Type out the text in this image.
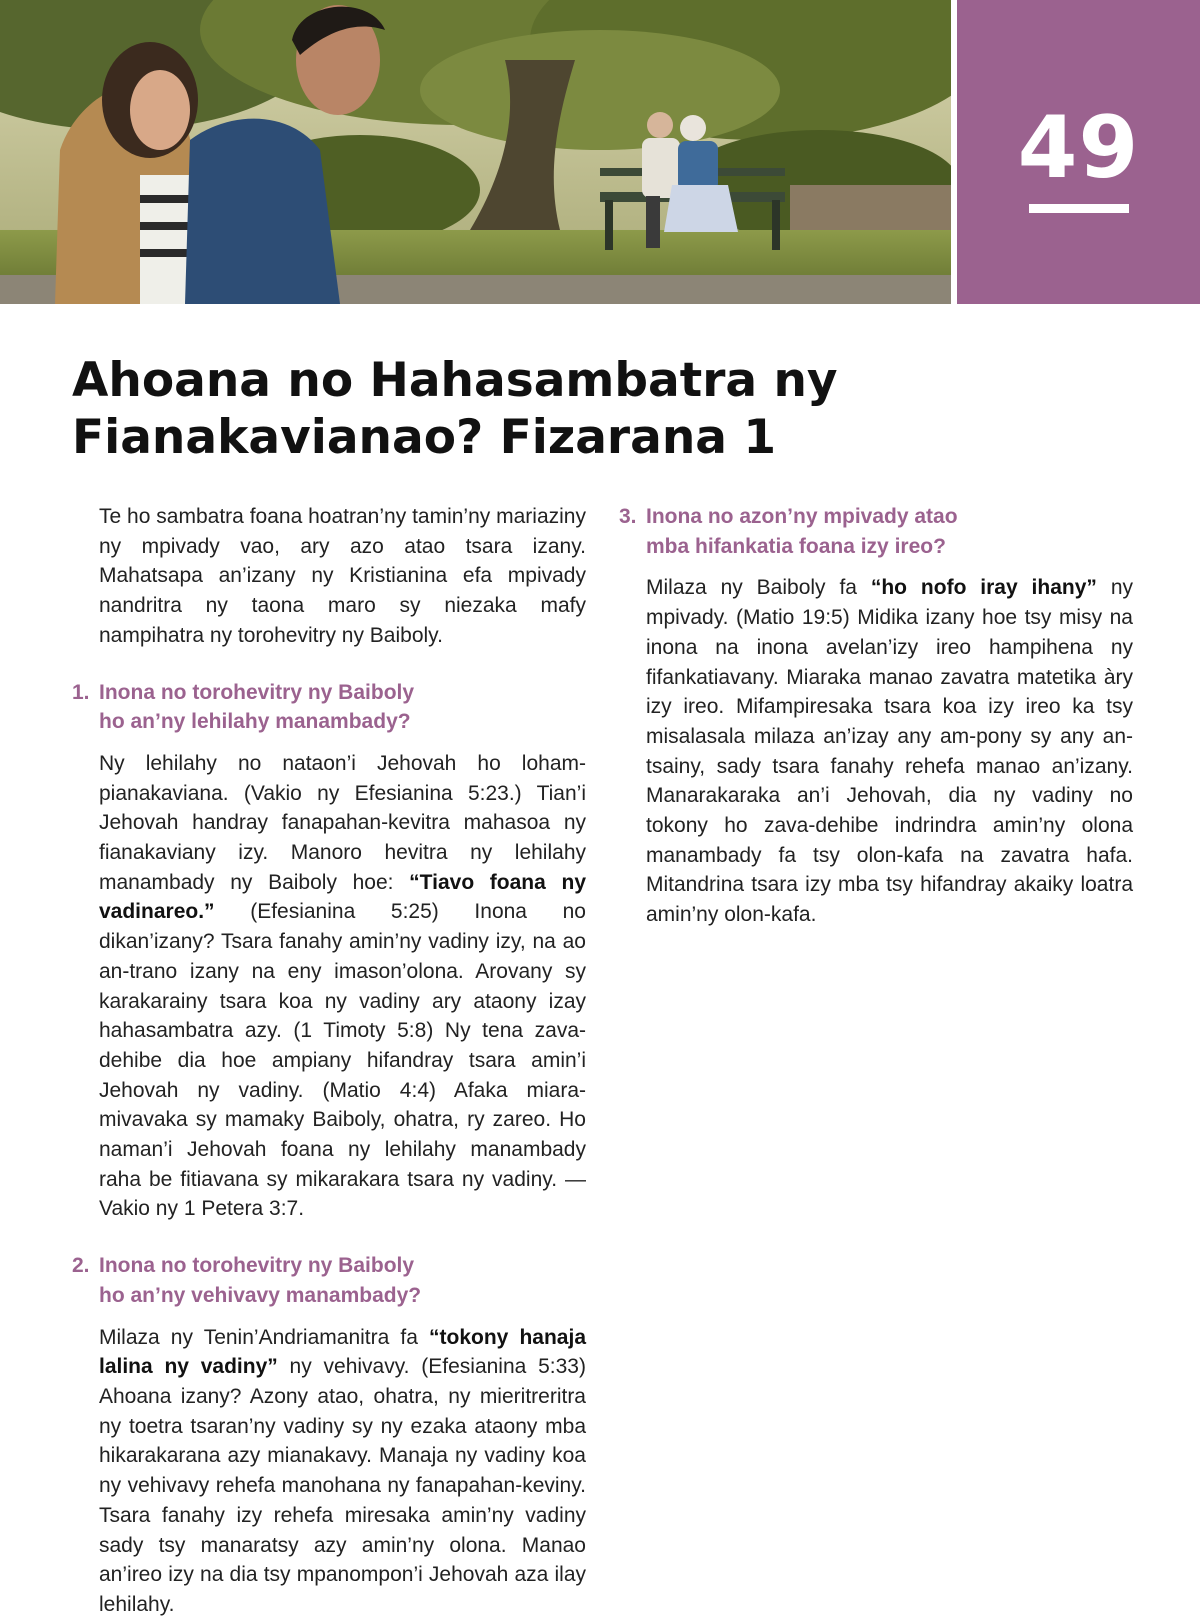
49
Ahoana no Hahasambatra ny
Fianakavianao? Fizarana 1

Te ho sambatra foana hoatran’ny tamin’ny mariaziny ny mpivady vao, ary azo atao tsara izany. Mahatsapa an’izany ny Kristianina efa mpivady nandritra ny taona maro sy niezaka mafy nampihatra ny torohevitry ny Baiboly.

1. Inona no torohevitry ny Baiboly
ho an’ny lehilahy manambady?

Ny lehilahy no nataon’i Jehovah ho loham-pianakaviana. (Vakio ny Efesianina 5:23.) Tian’i Jehovah handray fanapahan-kevitra mahasoa ny fianakaviany izy. Manoro hevitra ny lehilahy manambady ny Baiboly hoe: “Tiavo foana ny vadinareo.” (Efesianina 5:25) Inona no dikan’izany? Tsara fanahy amin’ny vadiny izy, na ao an-trano izany na eny imason’olona. Arovany sy karakarainy tsara koa ny vadiny ary ataony izay hahasambatra azy. (1 Timoty 5:8) Ny tena zava-dehibe dia hoe ampiany hifandray tsara amin’i Jehovah ny vadiny. (Matio 4:4) Afaka miara-mivavaka sy mamaky Baiboly, ohatra, ry zareo. Ho naman’i Jehovah foana ny lehilahy manambady raha be fitiavana sy mikarakara tsara ny vadiny. —Vakio ny 1 Petera 3:7.

2. Inona no torohevitry ny Baiboly
ho an’ny vehivavy manambady?

Milaza ny Tenin’Andriamanitra fa “tokony hanaja lalina ny vadiny” ny vehivavy. (Efesianina 5:33) Ahoana izany? Azony atao, ohatra, ny mieritreritra ny toetra tsaran’ny vadiny sy ny ezaka ataony mba hikarakarana azy mianakavy. Manaja ny vadiny koa ny vehivavy rehefa manohana ny fanapahan-keviny. Tsara fanahy izy rehefa miresaka amin’ny vadiny sady tsy manaratsy azy amin’ny olona. Manao an’ireo izy na dia tsy mpanompon’i Jehovah aza ilay lehilahy.

3. Inona no azon’ny mpivady atao
mba hifankatia foana izy ireo?

Milaza ny Baiboly fa “ho nofo iray ihany” ny mpivady. (Matio 19:5) Midika izany hoe tsy misy na inona na inona avelan’izy ireo hampihena ny fifankatiavany. Miaraka manao zavatra matetika àry izy ireo. Mifampiresaka tsara koa izy ireo ka tsy misalasala milaza an’izay any am-pony sy any an-tsainy, sady tsara fanahy rehefa manao an’izany. Manarakaraka an’i Jehovah, dia ny vadiny no tokony ho zava-dehibe indrindra amin’ny olona manambady fa tsy olon-kafa na zavatra hafa. Mitandrina tsara izy mba tsy hifandray akaiky loatra amin’ny olon-kafa.
